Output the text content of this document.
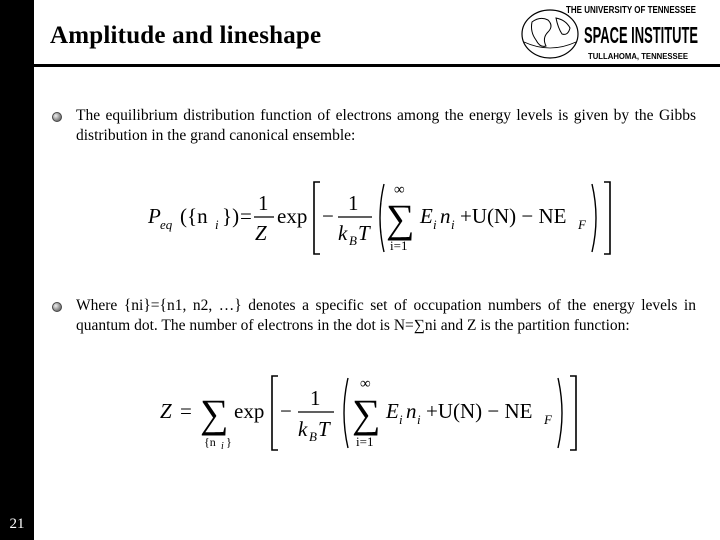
21
Amplitude and lineshape
THE UNIVERSITY OF TENNESSEE
SPACE INSTITUTE
TULLAHOMA, TENNESSEE
The equilibrium distribution function of electrons among the energy levels is given by the Gibbs distribution in the grand canonical ensemble:
P eq ({n i }) =
1
Z
exp −
1
k B T
∞
∑
i=1
E i n i +U(N) − NE F
Where {ni}={n1, n2, …} denotes a specific set of occupation numbers of the energy levels in quantum dot. The number of electrons in the dot is N=∑ni and Z is the partition function:
Z = ∑
{n i }
exp −
1
k B T
∞
∑
i=1
E i n i +U(N) − NE F
